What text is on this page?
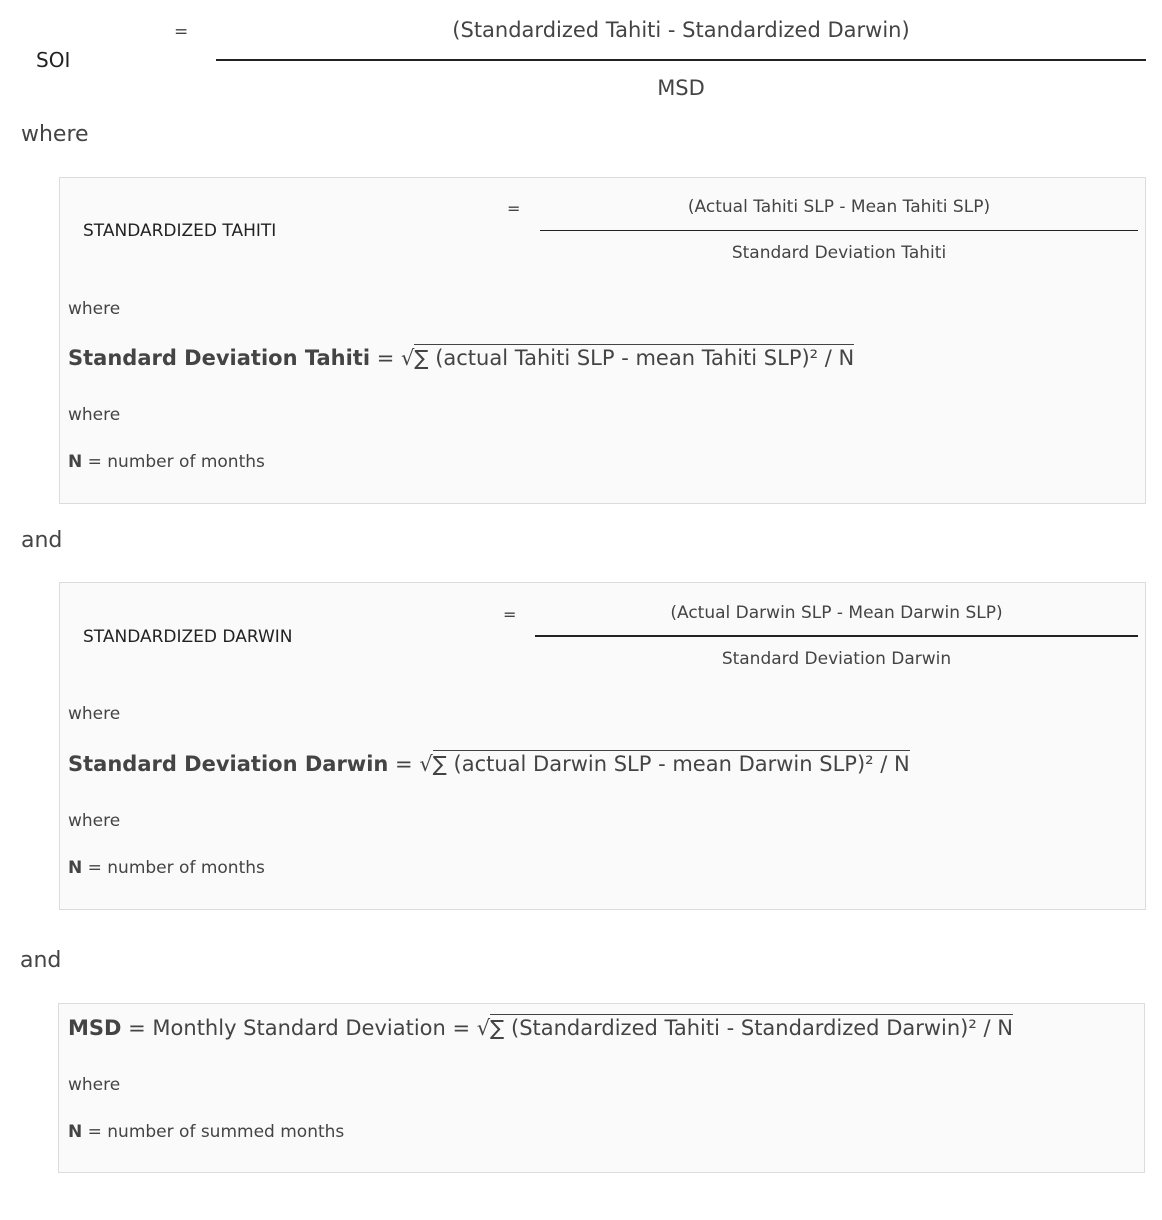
SOI
=	(Standardized Tahiti - Standardized Darwin)
MSD
where
STANDARDIZED TAHITI
=	(Actual Tahiti SLP - Mean Tahiti SLP)
Standard Deviation Tahiti
where
Standard Deviation Tahiti = √∑ (actual Tahiti SLP - mean Tahiti SLP)² / N
where
N = number of months
and
STANDARDIZED DARWIN
=	(Actual Darwin SLP - Mean Darwin SLP)
Standard Deviation Darwin
where
Standard Deviation Darwin = √∑ (actual Darwin SLP - mean Darwin SLP)² / N
where
N = number of months
and
MSD = Monthly Standard Deviation = √∑ (Standardized Tahiti - Standardized Darwin)² / N
where
N = number of summed months
